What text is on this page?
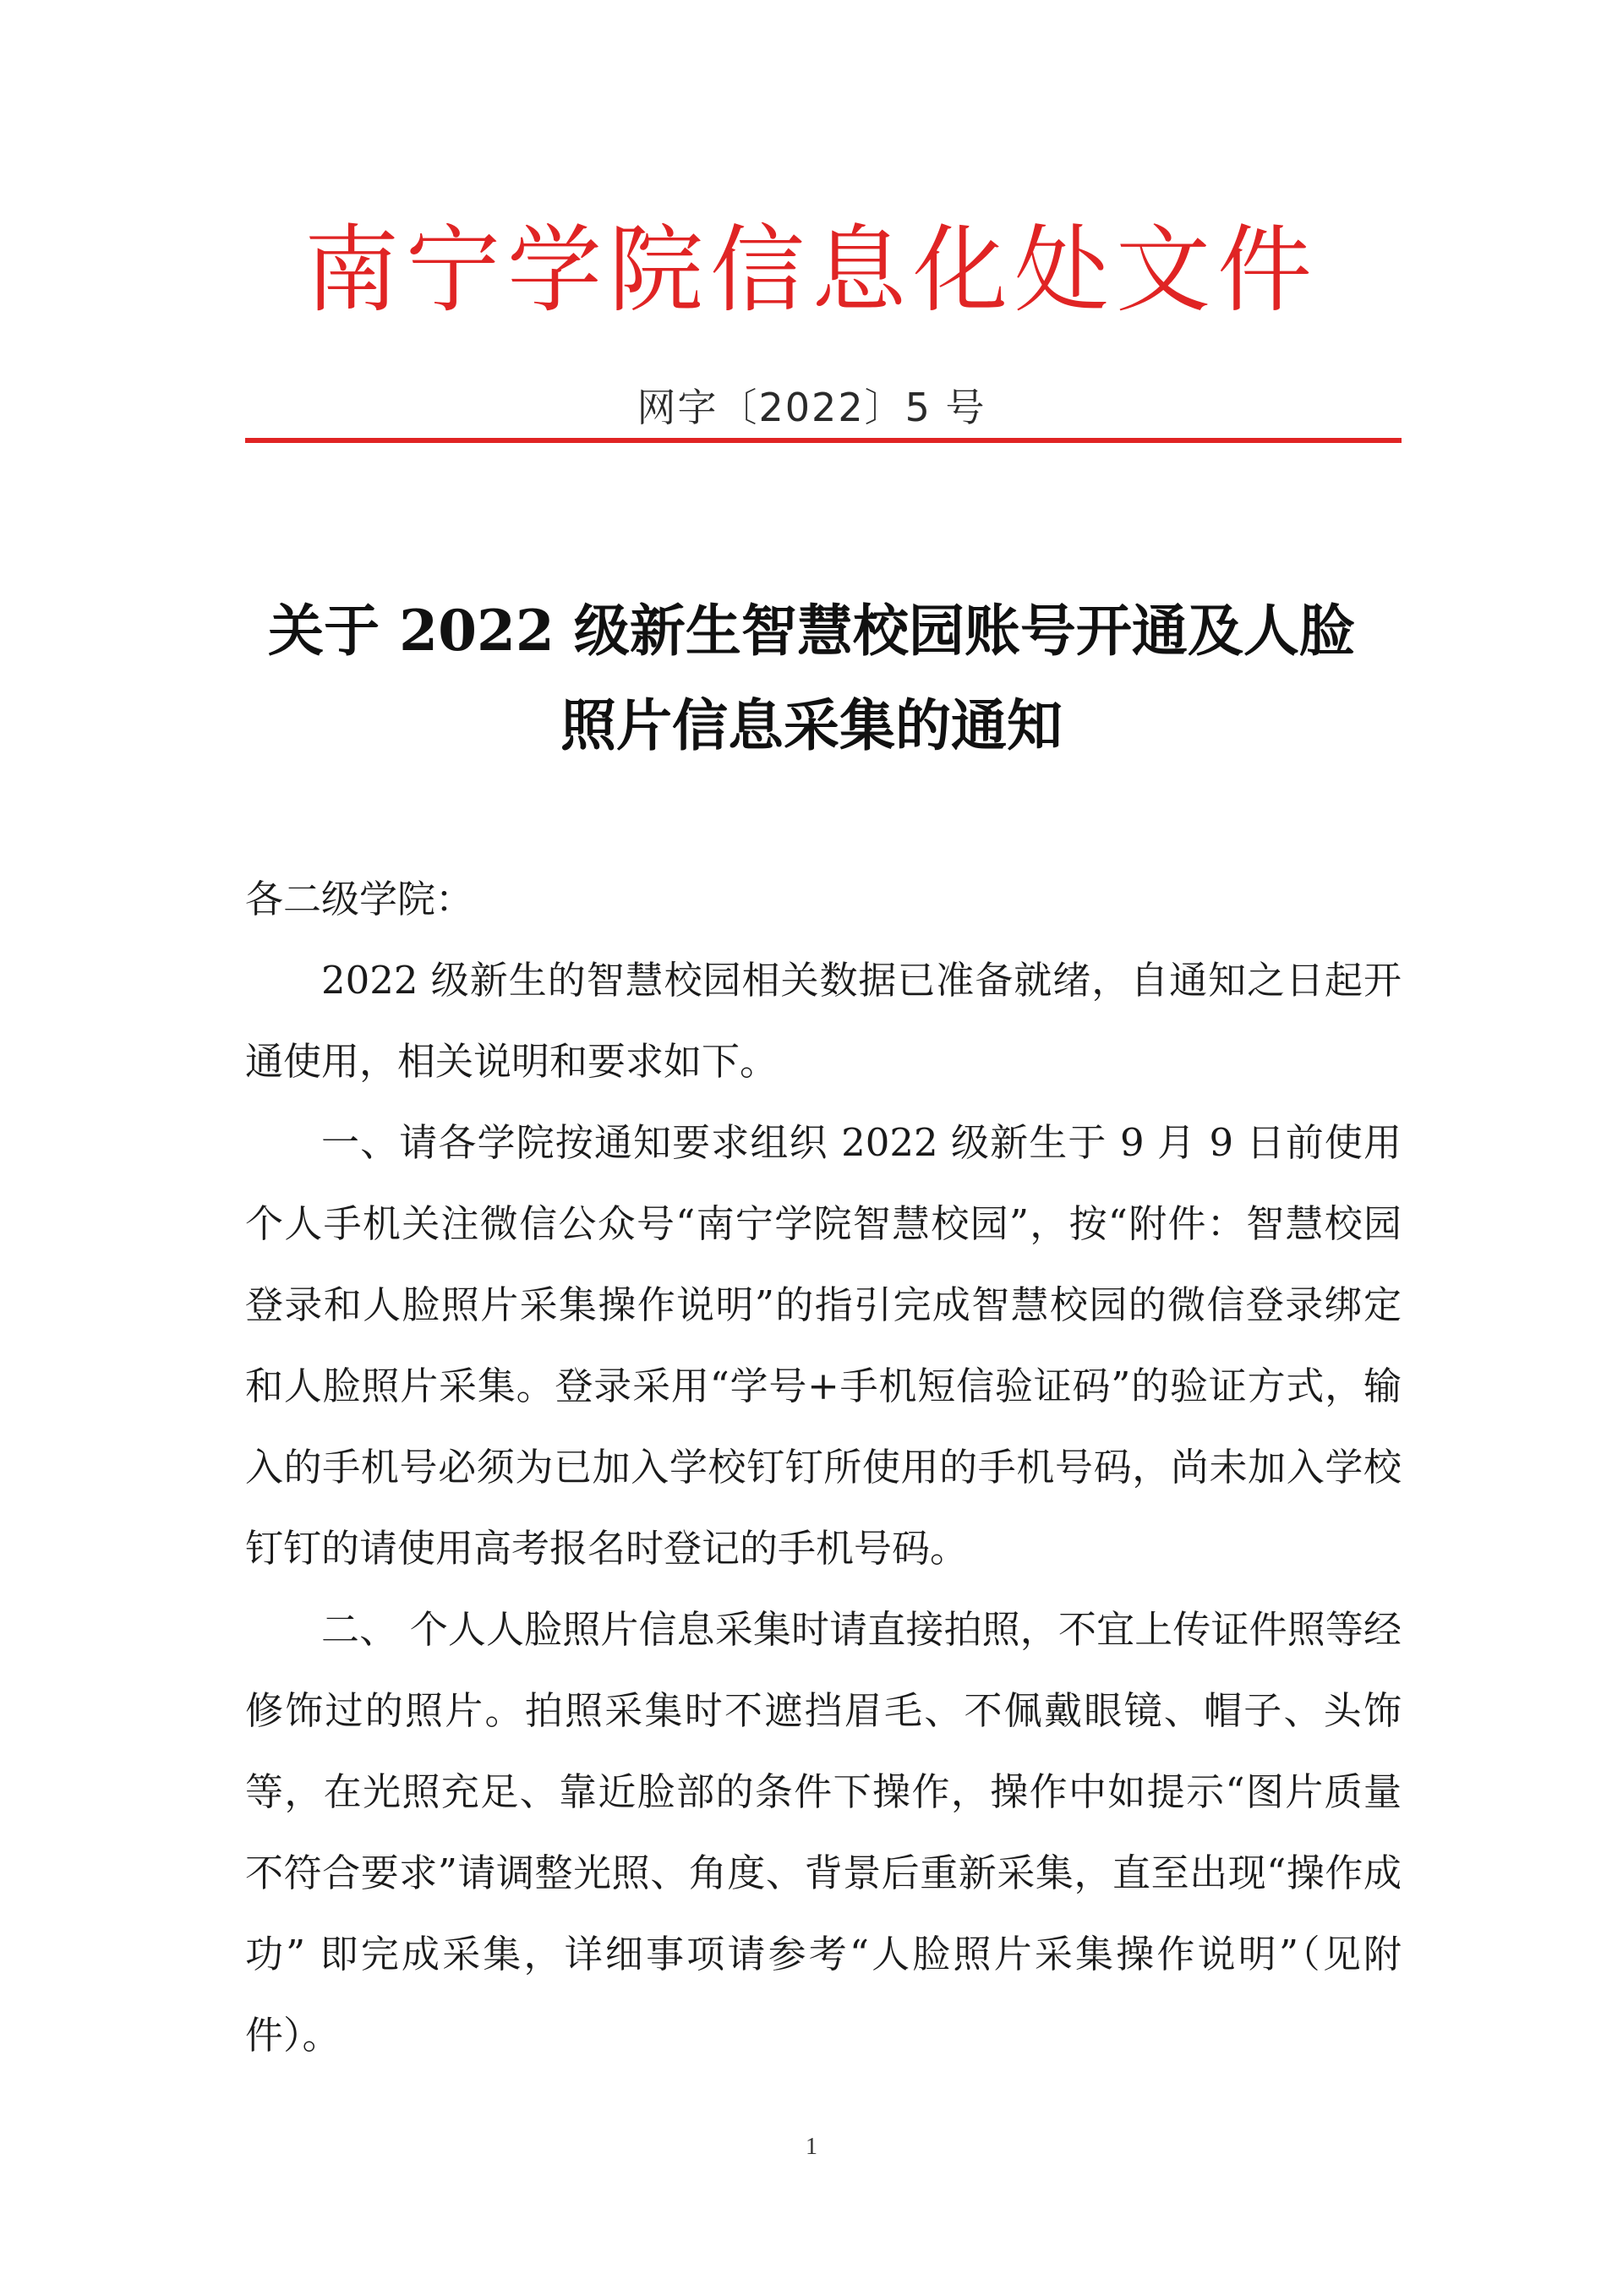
南宁学院信息化处文件
网字〔2022〕5 号
关于 2022 级新生智慧校园账号开通及人脸
照片信息采集的通知
各二级学院：

2022 级新生的智慧校园相关数据已准备就绪，自通知之日起开通使用，相关说明和要求如下。

一、请各学院按通知要求组织 2022 级新生于 9 月 9 日前使用个人手机关注微信公众号“南宁学院智慧校园”，按“附件：智慧校园登录和人脸照片采集操作说明”的指引完成智慧校园的微信登录绑定和人脸照片采集。登录采用“学号+手机短信验证码”的验证方式，输入的手机号必须为已加入学校钉钉所使用的手机号码，尚未加入学校钉钉的请使用高考报名时登记的手机号码。

二、 个人人脸照片信息采集时请直接拍照，不宜上传证件照等经修饰过的照片。拍照采集时不遮挡眉毛、不佩戴眼镜、帽子、头饰等，在光照充足、靠近脸部的条件下操作，操作中如提示“图片质量不符合要求”请调整光照、角度、背景后重新采集，直至出现“操作成功” 即完成采集，详细事项请参考“人脸照片采集操作说明”（见附件）。

1
